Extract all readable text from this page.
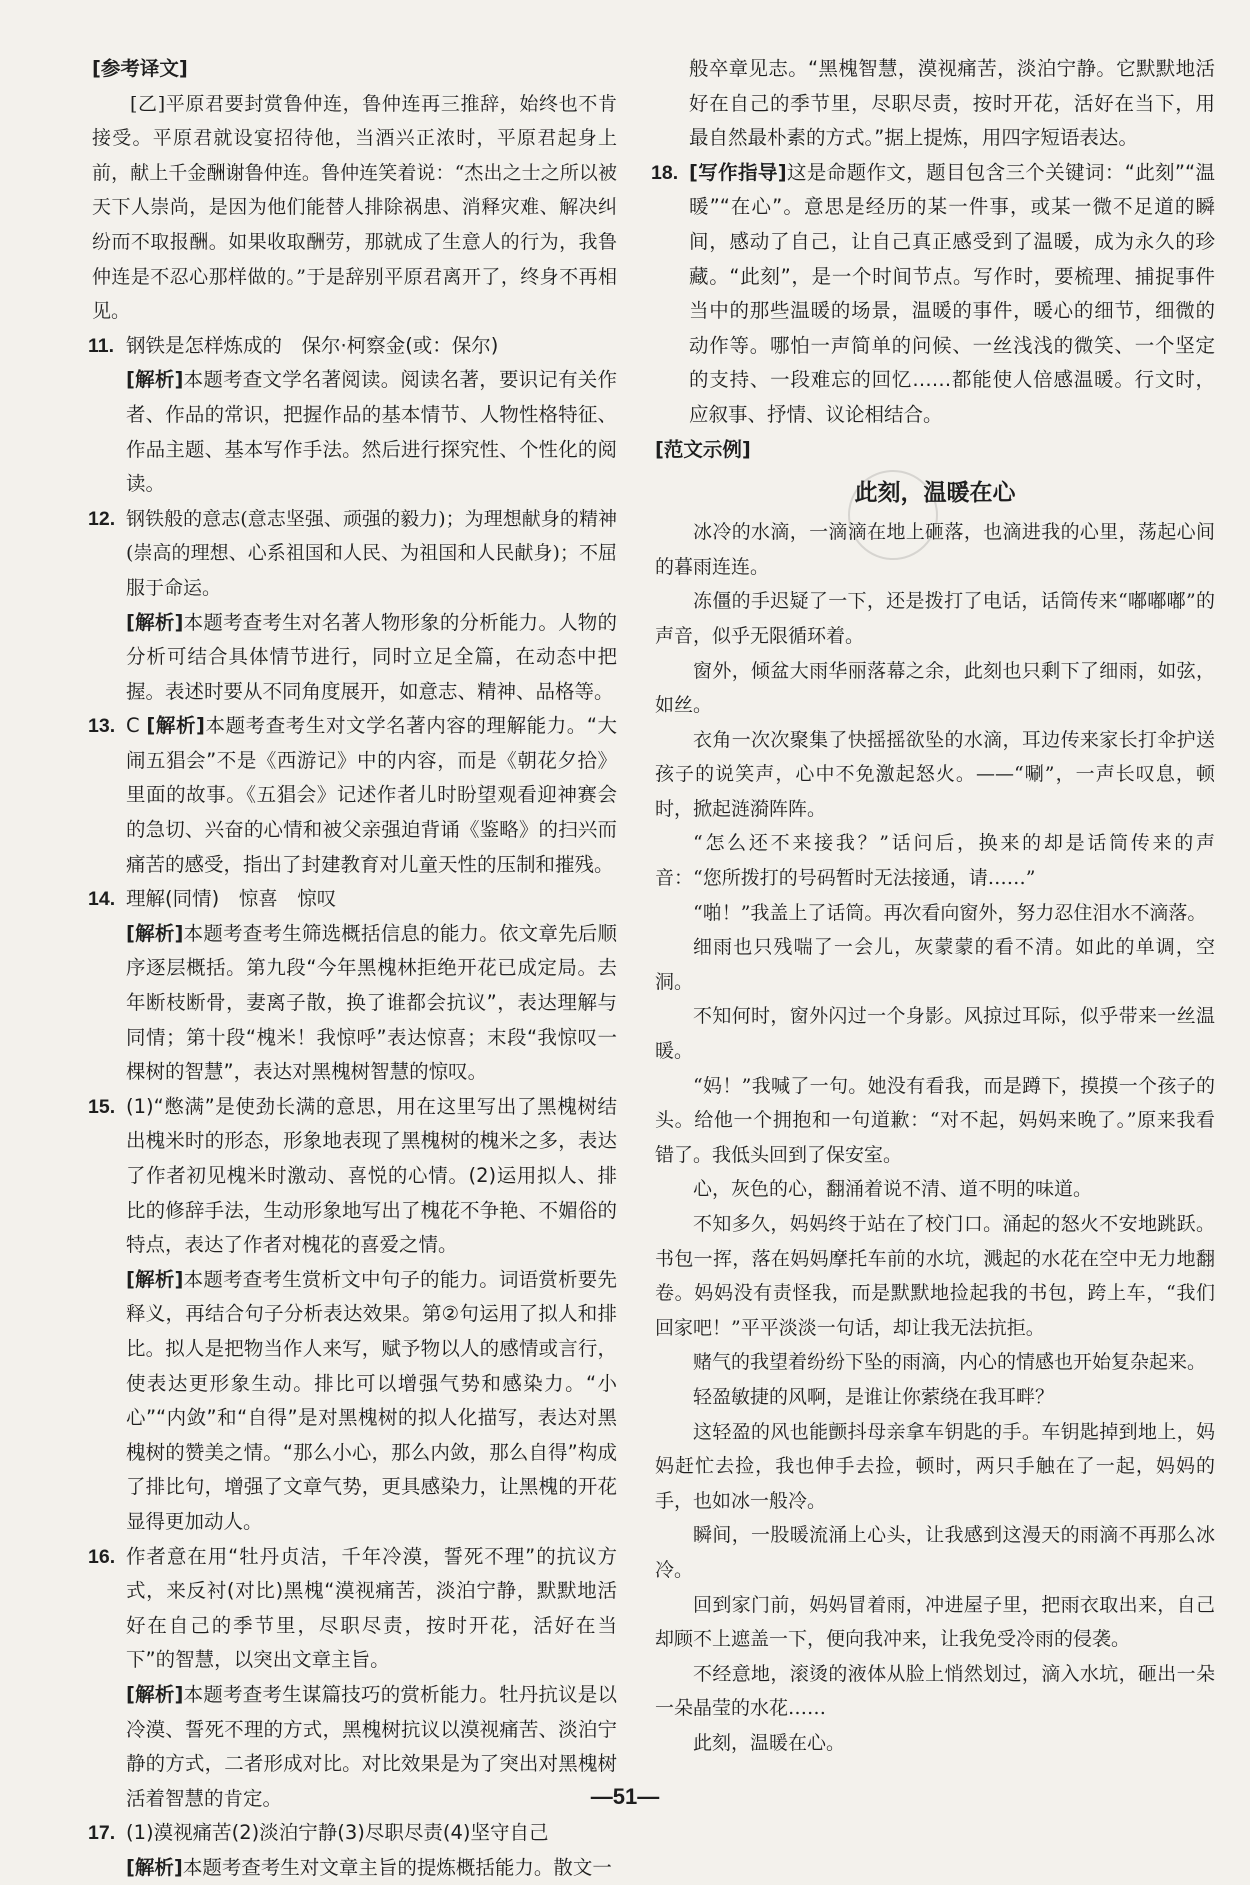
[参考译文]

[乙]平原君要封赏鲁仲连，鲁仲连再三推辞，始终也不肯接受。平原君就设宴招待他，当酒兴正浓时，平原君起身上前，献上千金酬谢鲁仲连。鲁仲连笑着说：“杰出之士之所以被天下人崇尚，是因为他们能替人排除祸患、消释灾难、解决纠纷而不取报酬。如果收取酬劳，那就成了生意人的行为，我鲁仲连是不忍心那样做的。”于是辞别平原君离开了，终身不再相见。

11. 钢铁是怎样炼成的　保尔·柯察金(或：保尔)
[解析]本题考查文学名著阅读。阅读名著，要识记有关作者、作品的常识，把握作品的基本情节、人物性格特征、作品主题、基本写作手法。然后进行探究性、个性化的阅读。
12. 钢铁般的意志(意志坚强、顽强的毅力)；为理想献身的精神(崇高的理想、心系祖国和人民、为祖国和人民献身)；不屈服于命运。
[解析]本题考查考生对名著人物形象的分析能力。人物的分析可结合具体情节进行，同时立足全篇，在动态中把握。表述时要从不同角度展开，如意志、精神、品格等。
13. C [解析]本题考查考生对文学名著内容的理解能力。“大闹五猖会”不是《西游记》中的内容，而是《朝花夕拾》里面的故事。《五猖会》记述作者儿时盼望观看迎神赛会的急切、兴奋的心情和被父亲强迫背诵《鉴略》的扫兴而痛苦的感受，指出了封建教育对儿童天性的压制和摧残。
14. 理解(同情)　惊喜　惊叹
[解析]本题考查考生筛选概括信息的能力。依文章先后顺序逐层概括。第九段“今年黑槐林拒绝开花已成定局。去年断枝断骨，妻离子散，换了谁都会抗议”，表达理解与同情；第十段“槐米！我惊呼”表达惊喜；末段“我惊叹一棵树的智慧”，表达对黑槐树智慧的惊叹。
15. (1)“憋满”是使劲长满的意思，用在这里写出了黑槐树结出槐米时的形态，形象地表现了黑槐树的槐米之多，表达了作者初见槐米时激动、喜悦的心情。(2)运用拟人、排比的修辞手法，生动形象地写出了槐花不争艳、不媚俗的特点，表达了作者对槐花的喜爱之情。
[解析]本题考查考生赏析文中句子的能力。词语赏析要先释义，再结合句子分析表达效果。第②句运用了拟人和排比。拟人是把物当作人来写，赋予物以人的感情或言行，使表达更形象生动。排比可以增强气势和感染力。“小心”“内敛”和“自得”是对黑槐树的拟人化描写，表达对黑槐树的赞美之情。“那么小心，那么内敛，那么自得”构成了排比句，增强了文章气势，更具感染力，让黑槐的开花显得更加动人。
16. 作者意在用“牡丹贞洁，千年冷漠，誓死不理”的抗议方式，来反衬(对比)黑槐“漠视痛苦，淡泊宁静，默默地活好在自己的季节里，尽职尽责，按时开花，活好在当下”的智慧，以突出文章主旨。
[解析]本题考查考生谋篇技巧的赏析能力。牡丹抗议是以冷漠、誓死不理的方式，黑槐树抗议以漠视痛苦、淡泊宁静的方式，二者形成对比。对比效果是为了突出对黑槐树活着智慧的肯定。
17. (1)漠视痛苦(2)淡泊宁静(3)尽职尽责(4)坚守自己
[解析]本题考查考生对文章主旨的提炼概括能力。散文一

般卒章见志。“黑槐智慧，漠视痛苦，淡泊宁静。它默默地活好在自己的季节里，尽职尽责，按时开花，活好在当下，用最自然最朴素的方式。”据上提炼，用四字短语表达。

18. [写作指导]这是命题作文，题目包含三个关键词：“此刻”“温暖”“在心”。意思是经历的某一件事，或某一微不足道的瞬间，感动了自己，让自己真正感受到了温暖，成为永久的珍藏。“此刻”，是一个时间节点。写作时，要梳理、捕捉事件当中的那些温暖的场景，温暖的事件，暖心的细节，细微的动作等。哪怕一声简单的问候、一丝浅浅的微笑、一个坚定的支持、一段难忘的回忆……都能使人倍感温暖。行文时，应叙事、抒情、议论相结合。

[范文示例]

此刻，温暖在心

冰冷的水滴，一滴滴在地上砸落，也滴进我的心里，荡起心间的暮雨连连。

冻僵的手迟疑了一下，还是拨打了电话，话筒传来“嘟嘟嘟”的声音，似乎无限循环着。

窗外，倾盆大雨华丽落幕之余，此刻也只剩下了细雨，如弦，如丝。

衣角一次次聚集了快摇摇欲坠的水滴，耳边传来家长打伞护送孩子的说笑声，心中不免激起怒火。——“唰”，一声长叹息，顿时，掀起涟漪阵阵。

“怎么还不来接我？”话问后，换来的却是话筒传来的声音：“您所拨打的号码暂时无法接通，请……”

“啪！”我盖上了话筒。再次看向窗外，努力忍住泪水不滴落。

细雨也只残喘了一会儿，灰蒙蒙的看不清。如此的单调，空洞。

不知何时，窗外闪过一个身影。风掠过耳际，似乎带来一丝温暖。

“妈！”我喊了一句。她没有看我，而是蹲下，摸摸一个孩子的头。给他一个拥抱和一句道歉：“对不起，妈妈来晚了。”原来我看错了。我低头回到了保安室。

心，灰色的心，翻涌着说不清、道不明的味道。

不知多久，妈妈终于站在了校门口。涌起的怒火不安地跳跃。书包一挥，落在妈妈摩托车前的水坑，溅起的水花在空中无力地翻卷。妈妈没有责怪我，而是默默地捡起我的书包，跨上车，“我们回家吧！”平平淡淡一句话，却让我无法抗拒。

赌气的我望着纷纷下坠的雨滴，内心的情感也开始复杂起来。

轻盈敏捷的风啊，是谁让你萦绕在我耳畔？

这轻盈的风也能颤抖母亲拿车钥匙的手。车钥匙掉到地上，妈妈赶忙去捡，我也伸手去捡，顿时，两只手触在了一起，妈妈的手，也如冰一般冷。

瞬间，一股暖流涌上心头，让我感到这漫天的雨滴不再那么冰冷。

回到家门前，妈妈冒着雨，冲进屋子里，把雨衣取出来，自己却顾不上遮盖一下，便向我冲来，让我免受冷雨的侵袭。

不经意地，滚烫的液体从脸上悄然划过，滴入水坑，砸出一朵一朵晶莹的水花……

此刻，温暖在心。

—51—
